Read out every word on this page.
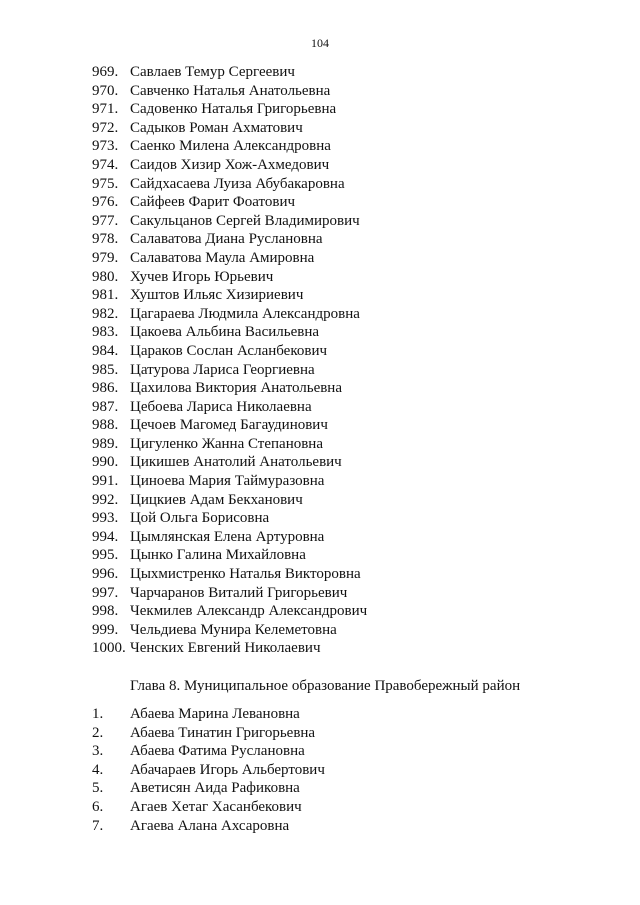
104
969. Савлаев Темур Сергеевич
970. Савченко Наталья Анатольевна
971. Садовенко Наталья Григорьевна
972. Садыков Роман Ахматович
973. Саенко Милена Александровна
974. Саидов Хизир Хож-Ахмедович
975. Сайдхасаева Луиза Абубакаровна
976. Сайфеев Фарит Фоатович
977. Сакульцанов Сергей Владимирович
978. Салаватова Диана Руслановна
979. Салаватова Маула Амировна
980. Хучев Игорь Юрьевич
981. Хуштов Ильяс Хизириевич
982. Цагараева Людмила Александровна
983. Цакоева Альбина Васильевна
984. Цараков Сослан Асланбекович
985. Цатурова Лариса Георгиевна
986. Цахилова Виктория Анатольевна
987. Цебоева Лариса Николаевна
988. Цечоев Магомед Багаудинович
989. Цигуленко Жанна Степановна
990. Цикишев Анатолий Анатольевич
991. Циноева Мария Таймуразовна
992. Цицкиев Адам Бекханович
993. Цой Ольга Борисовна
994. Цымлянская Елена Артуровна
995. Цынко Галина Михайловна
996. Цыхмистренко Наталья Викторовна
997. Чарчаранов Виталий Григорьевич
998. Чекмилев Александр Александрович
999. Чельдиева Мунира Келеметовна
1000. Ченских Евгений Николаевич
Глава 8. Муниципальное образование Правобережный район
1. Абаева Марина Левановна
2. Абаева Тинатин Григорьевна
3. Абаева Фатима Руслановна
4. Абачараев Игорь Альбертович
5. Аветисян Аида Рафиковна
6. Агаев Хетаг Хасанбекович
7. Агаева Алана Ахсаровна
